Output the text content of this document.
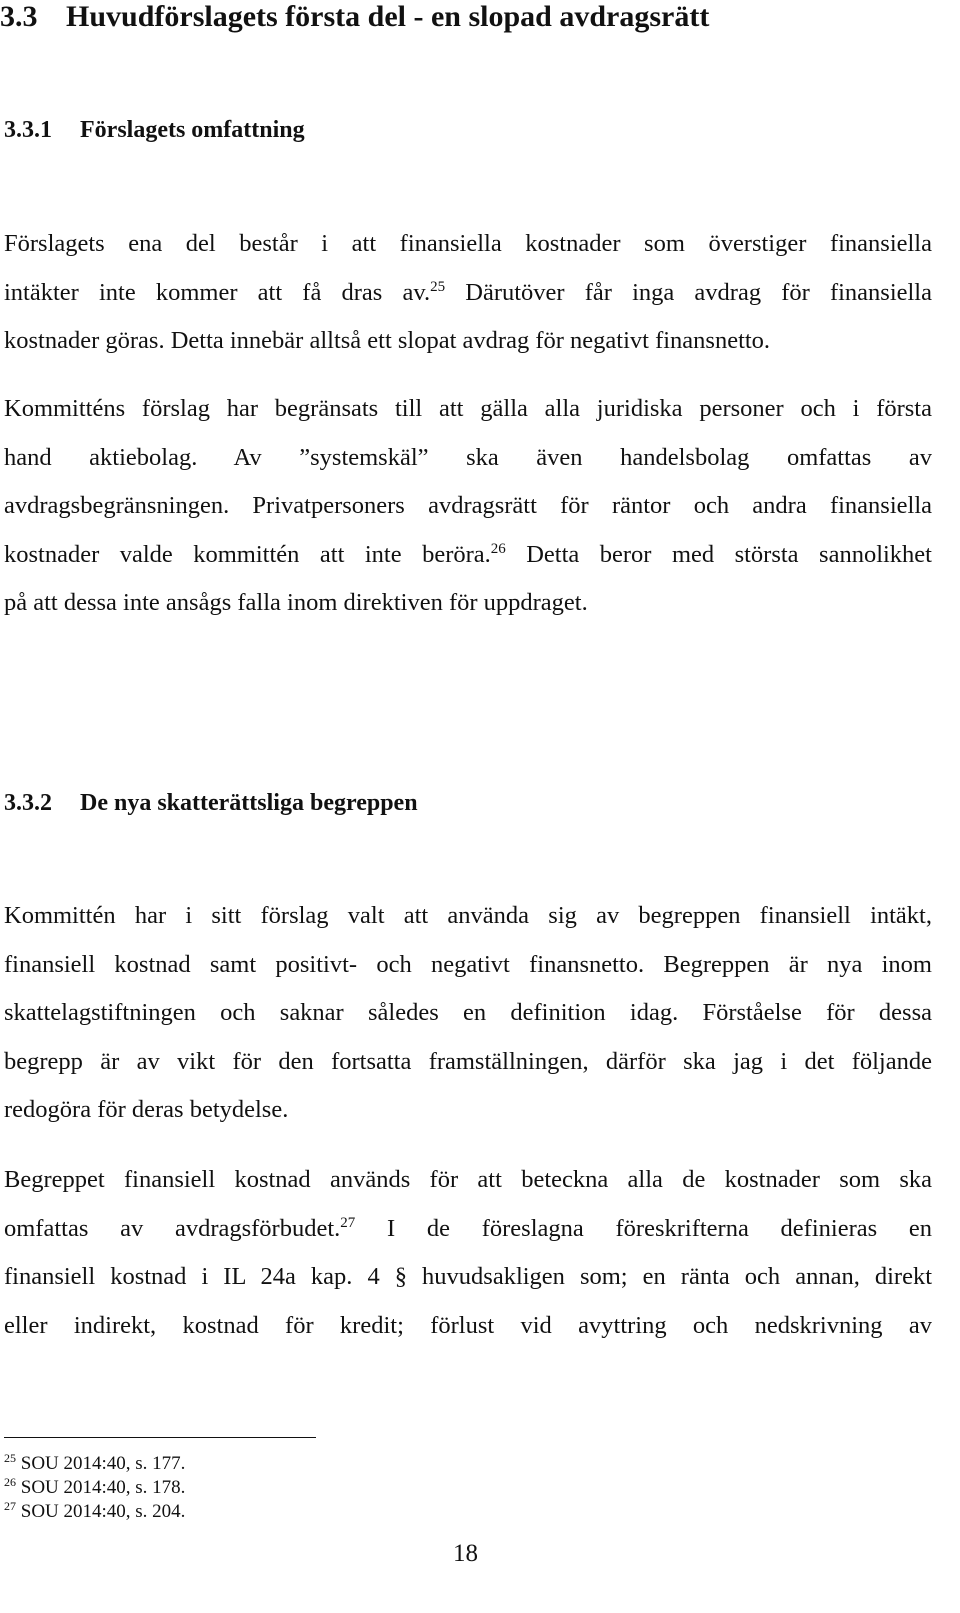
3.3 Huvudförslagets första del - en slopad avdragsrätt
3.3.1 Förslagets omfattning
Förslagets ena del består i att finansiella kostnader som överstiger finansiella
intäkter inte kommer att få dras av.$^{25}$ Därutöver får inga avdrag för finansiella
kostnader göras. Detta innebär alltså ett slopat avdrag för negativt finansnetto.
Kommitténs förslag har begränsats till att gälla alla juridiska personer och i första
hand aktiebolag. Av ”systemskäl” ska även handelsbolag omfattas av
avdragsbegränsningen. Privatpersoners avdragsrätt för räntor och andra finansiella
kostnader valde kommittén att inte beröra.$^{26}$ Detta beror med största sannolikhet
på att dessa inte ansågs falla inom direktiven för uppdraget.
3.3.2 De nya skatterättsliga begreppen
Kommittén har i sitt förslag valt att använda sig av begreppen finansiell intäkt,
finansiell kostnad samt positivt- och negativt finansnetto. Begreppen är nya inom
skattelagstiftningen och saknar således en definition idag. Förståelse för dessa
begrepp är av vikt för den fortsatta framställningen, därför ska jag i det följande
redogöra för deras betydelse.
Begreppet finansiell kostnad används för att beteckna alla de kostnader som ska
omfattas av avdragsförbudet.$^{27}$ I de föreslagna föreskrifterna definieras en
finansiell kostnad i IL 24a kap. 4 § huvudsakligen som; en ränta och annan, direkt
eller indirekt, kostnad för kredit; förlust vid avyttring och nedskrivning av
$^{25}$ SOU 2014:40, s. 177.
$^{26}$ SOU 2014:40, s. 178.
$^{27}$ SOU 2014:40, s. 204.
18
